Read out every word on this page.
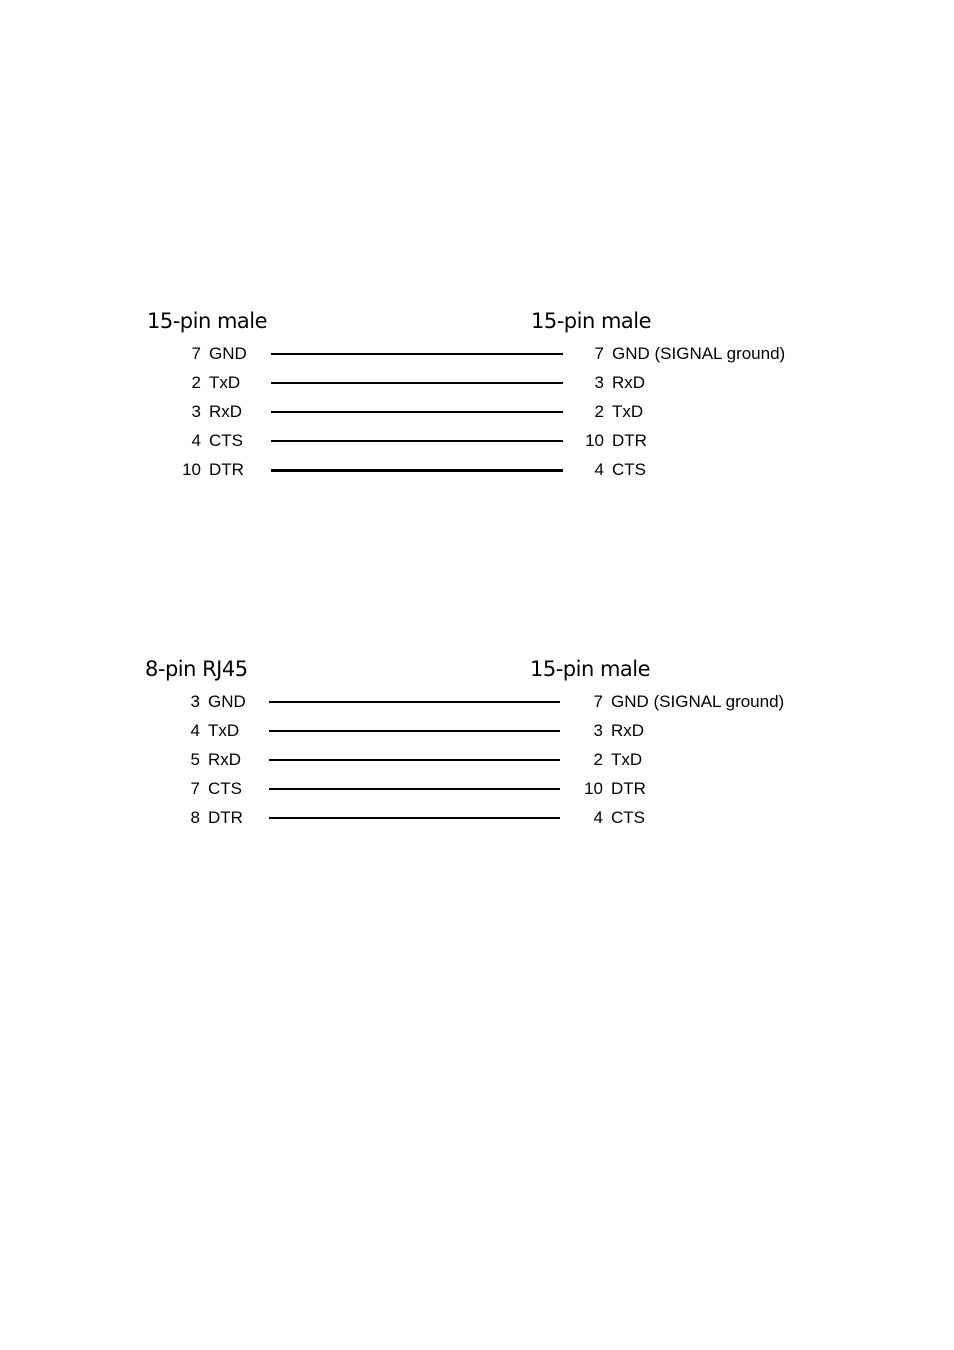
15-pin male	15-pin male
7 GND	7 GND (SIGNAL ground)
2 TxD	3 RxD
3 RxD	2 TxD
4 CTS	10 DTR
10 DTR	4 CTS
8-pin RJ45	15-pin male
3 GND	7 GND (SIGNAL ground)
4 TxD	3 RxD
5 RxD	2 TxD
7 CTS	10 DTR
8 DTR	4 CTS
